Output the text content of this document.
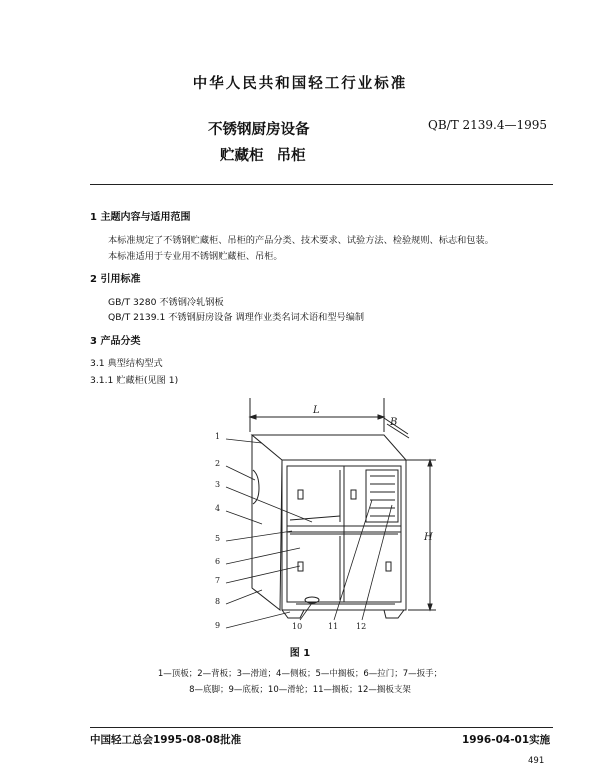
中华人民共和国轻工行业标准
不锈钢厨房设备
贮藏柜 吊柜
QB/T 2139.4—1995
1 主题内容与适用范围
本标准规定了不锈钢贮藏柜、吊柜的产品分类、技术要求、试验方法、检验规则、标志和包装。
本标准适用于专业用不锈钢贮藏柜、吊柜。
2 引用标准
GB/T 3280 不锈钢冷轧钢板
QB/T 2139.1 不锈钢厨房设备 调理作业类名词术语和型号编制
3 产品分类
3.1 典型结构型式
3.1.1 贮藏柜(见图 1)
L
B
H
1
2
3
4
5
6
7
8
9	10	11 12
图 1
1—顶板；2—背板；3—滑道；4—侧板；5—中搁板；6—拉门；7—扳手；
8—底脚；9—底板；10—滑轮；11—搁板；12—搁板支架
中国轻工总会1995-08-08批准	1996-04-01实施
491
